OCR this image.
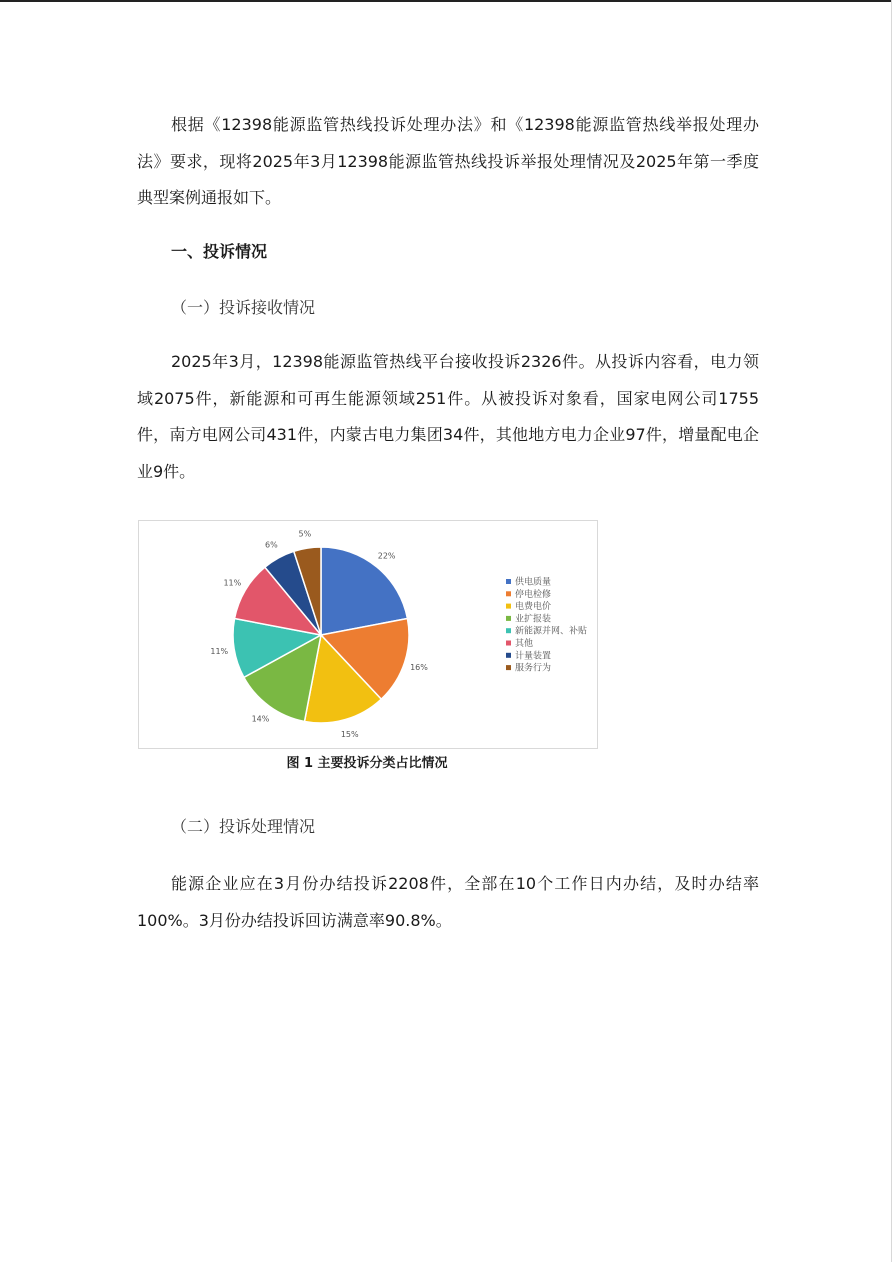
根据《12398能源监管热线投诉处理办法》和《12398能源监管热线举报处理办法》要求，现将2025年3月12398能源监管热线投诉举报处理情况及2025年第一季度典型案例通报如下。

一、投诉情况

（一）投诉接收情况

2025年3月，12398能源监管热线平台接收投诉2326件。从投诉内容看，电力领域2075件，新能源和可再生能源领域251件。从被投诉对象看，国家电网公司1755件，南方电网公司431件，内蒙古电力集团34件，其他地方电力企业97件，增量配电企业9件。

22%
16%
15%
14%
11%
11%
6%
5%
供电质量
停电检修
电费电价
业扩报装
新能源并网、补贴
其他
计量装置
服务行为
图 1 主要投诉分类占比情况

（二）投诉处理情况

能源企业应在3月份办结投诉2208件，全部在10个工作日内办结，及时办结率100%。3月份办结投诉回访满意率90.8%。
